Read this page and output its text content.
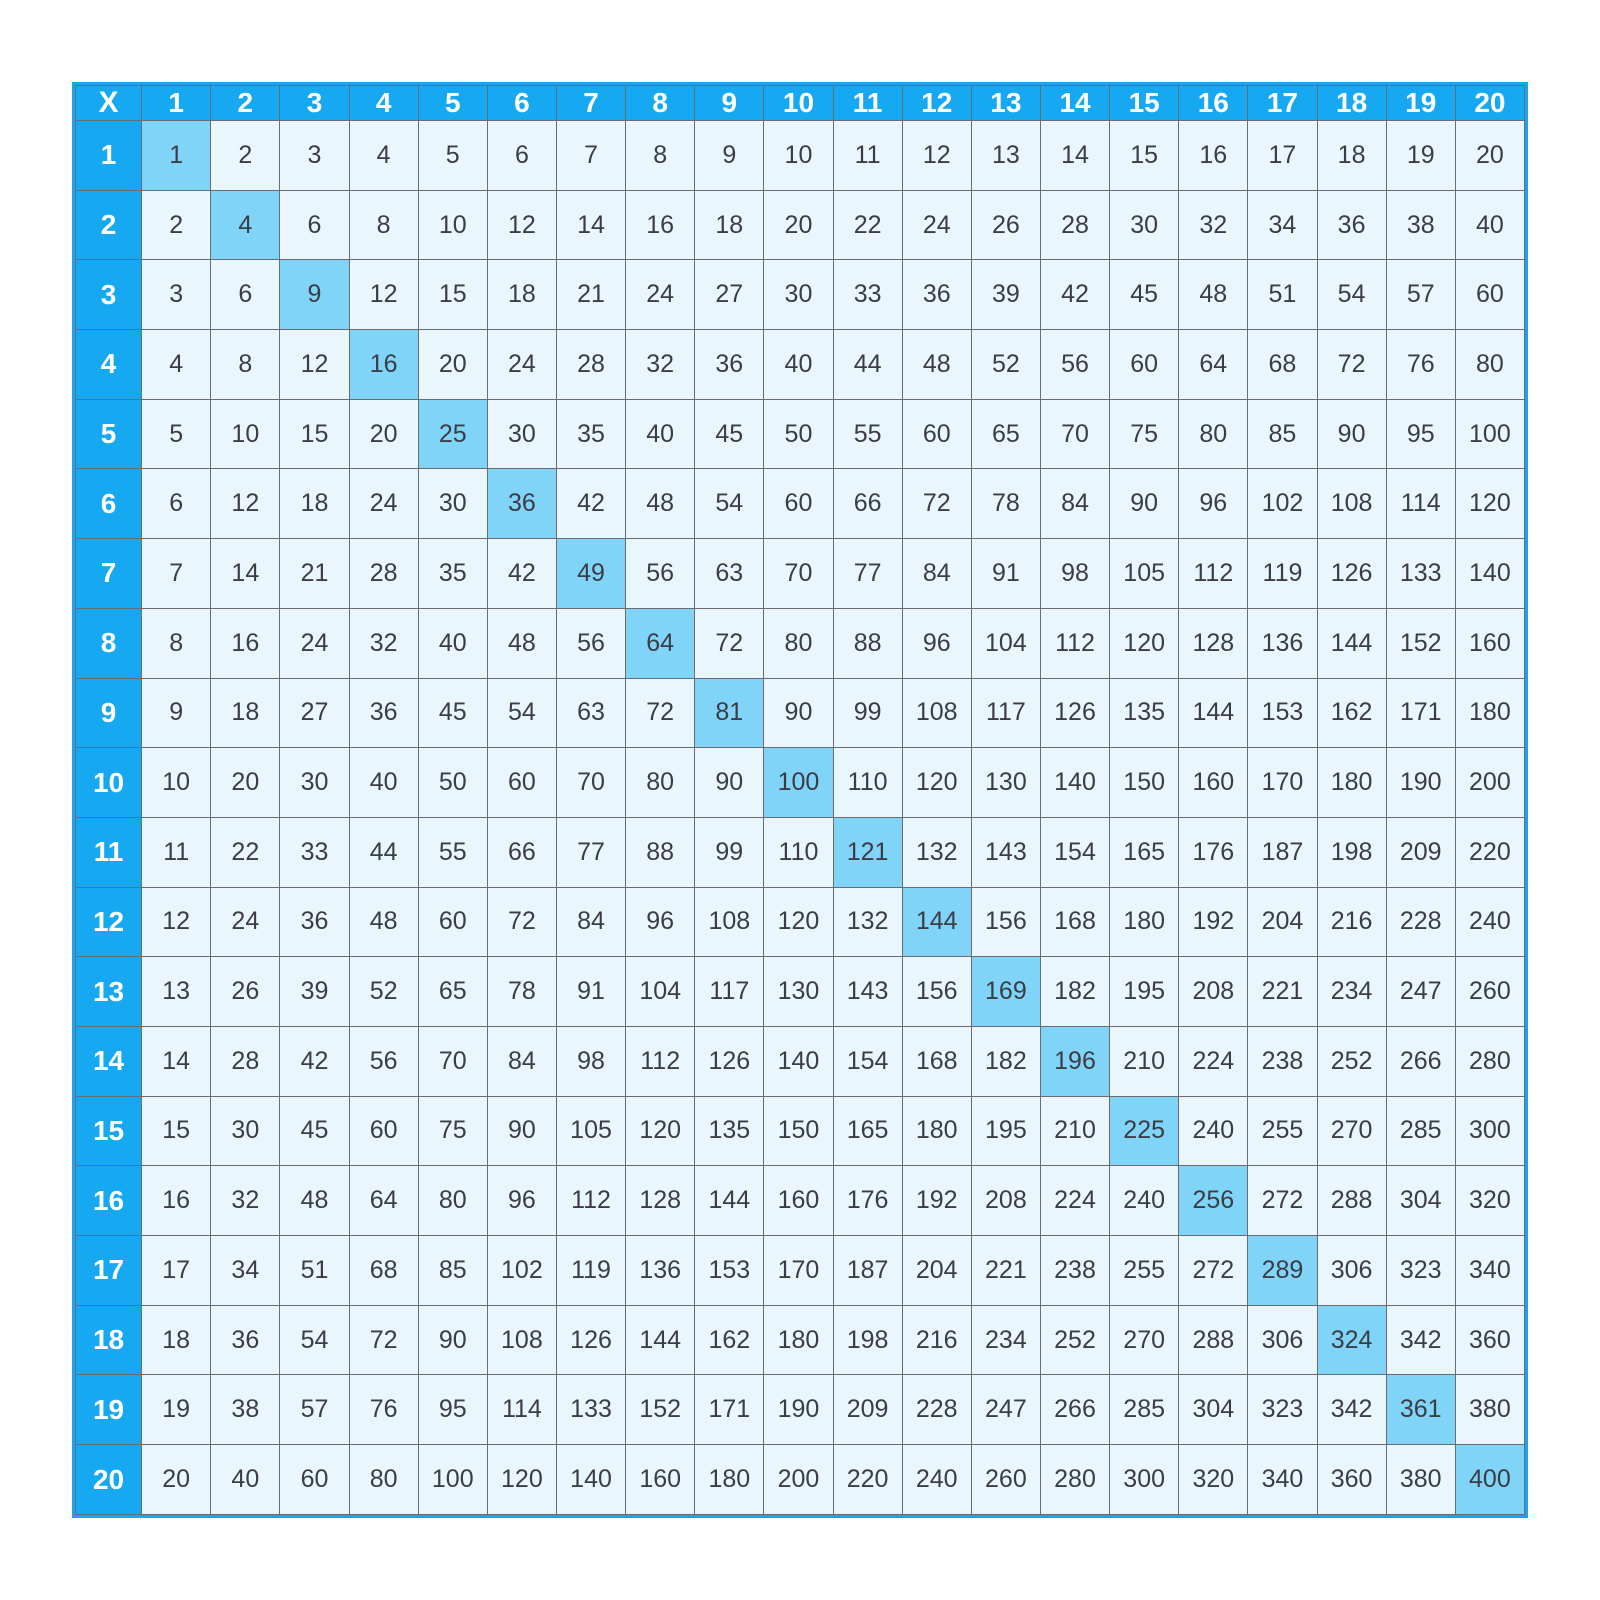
X	1	2	3	4	5	6	7	8	9	10	11	12	13	14	15	16	17	18	19	20
1	1	2	3	4	5	6	7	8	9	10	11	12	13	14	15	16	17	18	19	20
2	2	4	6	8	10	12	14	16	18	20	22	24	26	28	30	32	34	36	38	40
3	3	6	9	12	15	18	21	24	27	30	33	36	39	42	45	48	51	54	57	60
4	4	8	12	16	20	24	28	32	36	40	44	48	52	56	60	64	68	72	76	80
5	5	10	15	20	25	30	35	40	45	50	55	60	65	70	75	80	85	90	95	100
6	6	12	18	24	30	36	42	48	54	60	66	72	78	84	90	96	102	108	114	120
7	7	14	21	28	35	42	49	56	63	70	77	84	91	98	105	112	119	126	133	140
8	8	16	24	32	40	48	56	64	72	80	88	96	104	112	120	128	136	144	152	160
9	9	18	27	36	45	54	63	72	81	90	99	108	117	126	135	144	153	162	171	180
10	10	20	30	40	50	60	70	80	90	100	110	120	130	140	150	160	170	180	190	200
11	11	22	33	44	55	66	77	88	99	110	121	132	143	154	165	176	187	198	209	220
12	12	24	36	48	60	72	84	96	108	120	132	144	156	168	180	192	204	216	228	240
13	13	26	39	52	65	78	91	104	117	130	143	156	169	182	195	208	221	234	247	260
14	14	28	42	56	70	84	98	112	126	140	154	168	182	196	210	224	238	252	266	280
15	15	30	45	60	75	90	105	120	135	150	165	180	195	210	225	240	255	270	285	300
16	16	32	48	64	80	96	112	128	144	160	176	192	208	224	240	256	272	288	304	320
17	17	34	51	68	85	102	119	136	153	170	187	204	221	238	255	272	289	306	323	340
18	18	36	54	72	90	108	126	144	162	180	198	216	234	252	270	288	306	324	342	360
19	19	38	57	76	95	114	133	152	171	190	209	228	247	266	285	304	323	342	361	380
20	20	40	60	80	100	120	140	160	180	200	220	240	260	280	300	320	340	360	380	400
